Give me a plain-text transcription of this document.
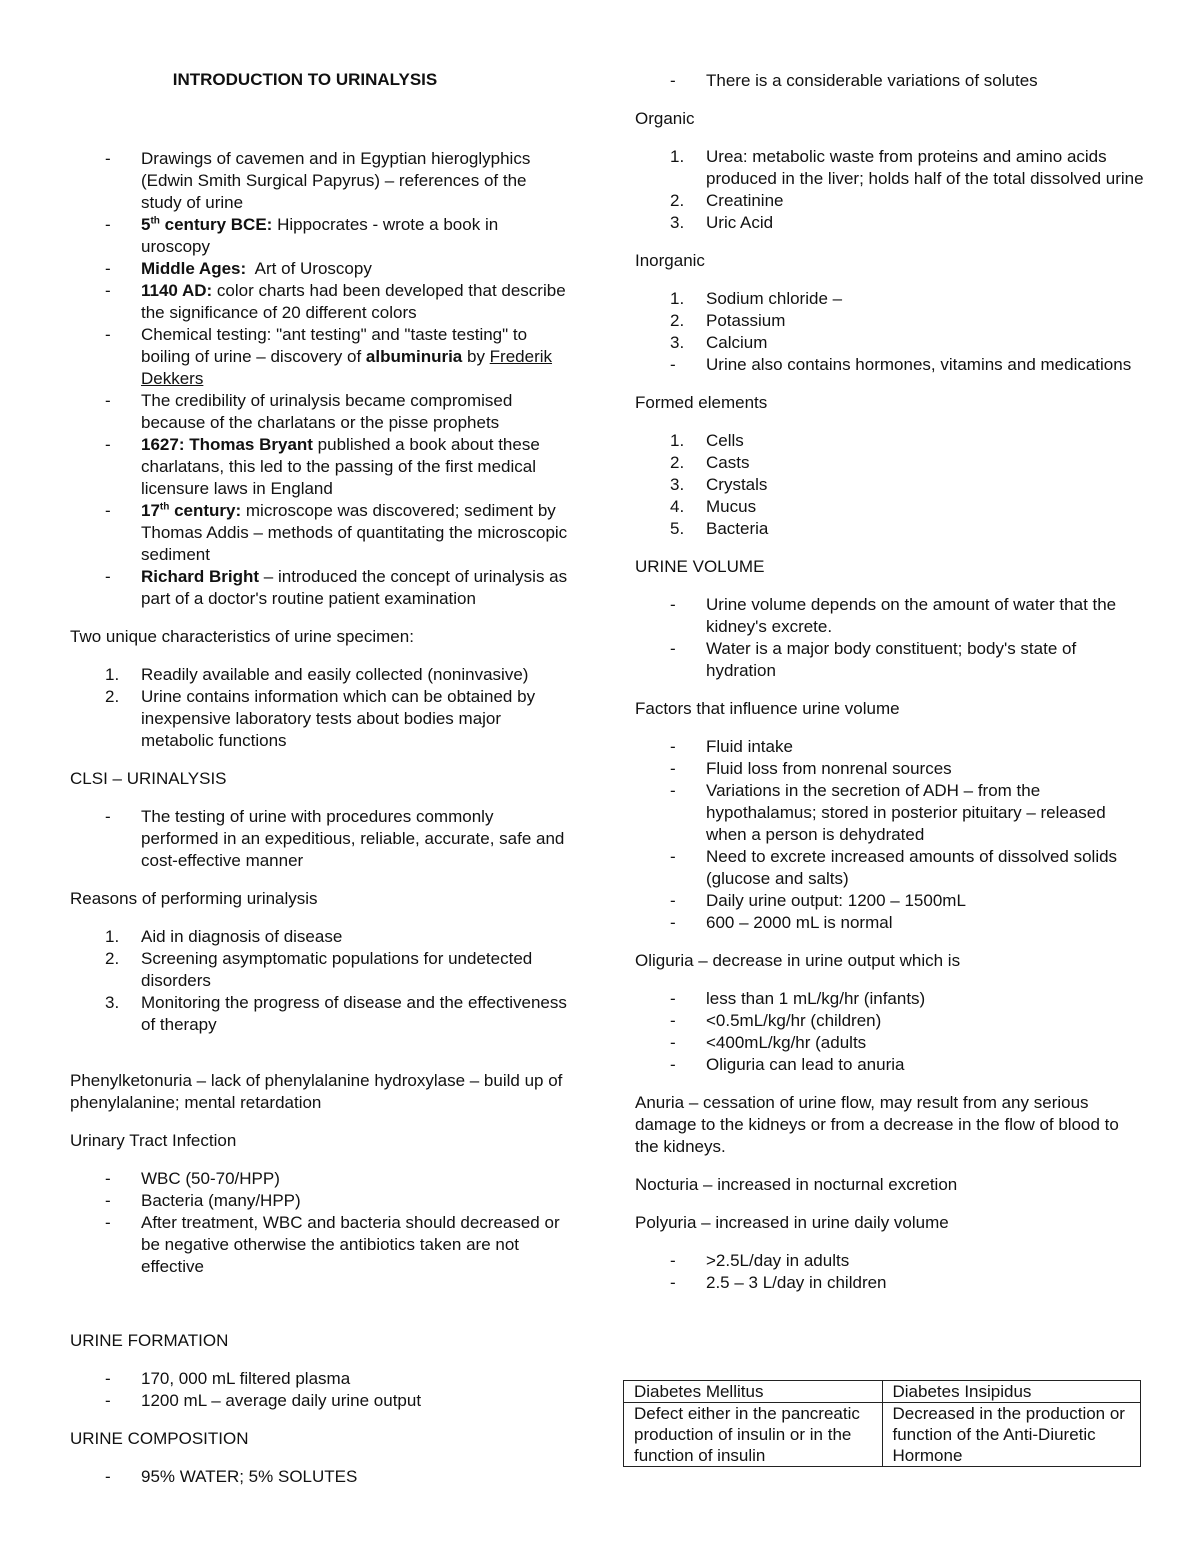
INTRODUCTION TO URINALYSIS
- Drawings of cavemen and in Egyptian hieroglyphics (Edwin Smith Surgical Papyrus) – references of the study of urine
- 5th century BCE: Hippocrates - wrote a book in uroscopy
- Middle Ages:  Art of Uroscopy
- 1140 AD: color charts had been developed that describe the significance of 20 different colors
- Chemical testing: "ant testing" and "taste testing" to boiling of urine – discovery of albuminuria by Frederik Dekkers
- The credibility of urinalysis became compromised because of the charlatans or the pisse prophets
- 1627: Thomas Bryant published a book about these charlatans, this led to the passing of the first medical licensure laws in England
- 17th century: microscope was discovered; sediment by Thomas Addis – methods of quantitating the microscopic sediment
- Richard Bright – introduced the concept of urinalysis as part of a doctor's routine patient examination

Two unique characteristics of urine specimen:

1. Readily available and easily collected (noninvasive)
2. Urine contains information which can be obtained by inexpensive laboratory tests about bodies major metabolic functions

CLSI – URINALYSIS

- The testing of urine with procedures commonly performed in an expeditious, reliable, accurate, safe and cost-effective manner

Reasons of performing urinalysis

1. Aid in diagnosis of disease
2. Screening asymptomatic populations for undetected disorders
3. Monitoring the progress of disease and the effectiveness of therapy

Phenylketonuria – lack of phenylalanine hydroxylase – build up of phenylalanine; mental retardation

Urinary Tract Infection

- WBC (50-70/HPP)
- Bacteria (many/HPP)
- After treatment, WBC and bacteria should decreased or be negative otherwise the antibiotics taken are not effective

URINE FORMATION

- 170, 000 mL filtered plasma
- 1200 mL – average daily urine output

URINE COMPOSITION

- 95% WATER; 5% SOLUTES
- There is a considerable variations of solutes

Organic

1. Urea: metabolic waste from proteins and amino acids produced in the liver; holds half of the total dissolved urine
2. Creatinine
3. Uric Acid

Inorganic

1. Sodium chloride –
2. Potassium
3. Calcium
- Urine also contains hormones, vitamins and medications

Formed elements

1. Cells
2. Casts
3. Crystals
4. Mucus
5. Bacteria

URINE VOLUME

- Urine volume depends on the amount of water that the kidney's excrete.
- Water is a major body constituent; body's state of hydration

Factors that influence urine volume

- Fluid intake
- Fluid loss from nonrenal sources
- Variations in the secretion of ADH – from the hypothalamus; stored in posterior pituitary – released when a person is dehydrated
- Need to excrete increased amounts of dissolved solids (glucose and salts)
- Daily urine output: 1200 – 1500mL
- 600 – 2000 mL is normal

Oliguria – decrease in urine output which is

- less than 1 mL/kg/hr (infants)
- <0.5mL/kg/hr (children)
- <400mL/kg/hr (adults
- Oliguria can lead to anuria

Anuria – cessation of urine flow, may result from any serious damage to the kidneys or from a decrease in the flow of blood to the kidneys.

Nocturia – increased in nocturnal excretion

Polyuria – increased in urine daily volume

- >2.5L/day in adults
- 2.5 – 3 L/day in children
Diabetes Mellitus	Diabetes Insipidus
Defect either in the pancreatic production of insulin or in the function of insulin	Decreased in the production or function of the Anti-Diuretic Hormone
